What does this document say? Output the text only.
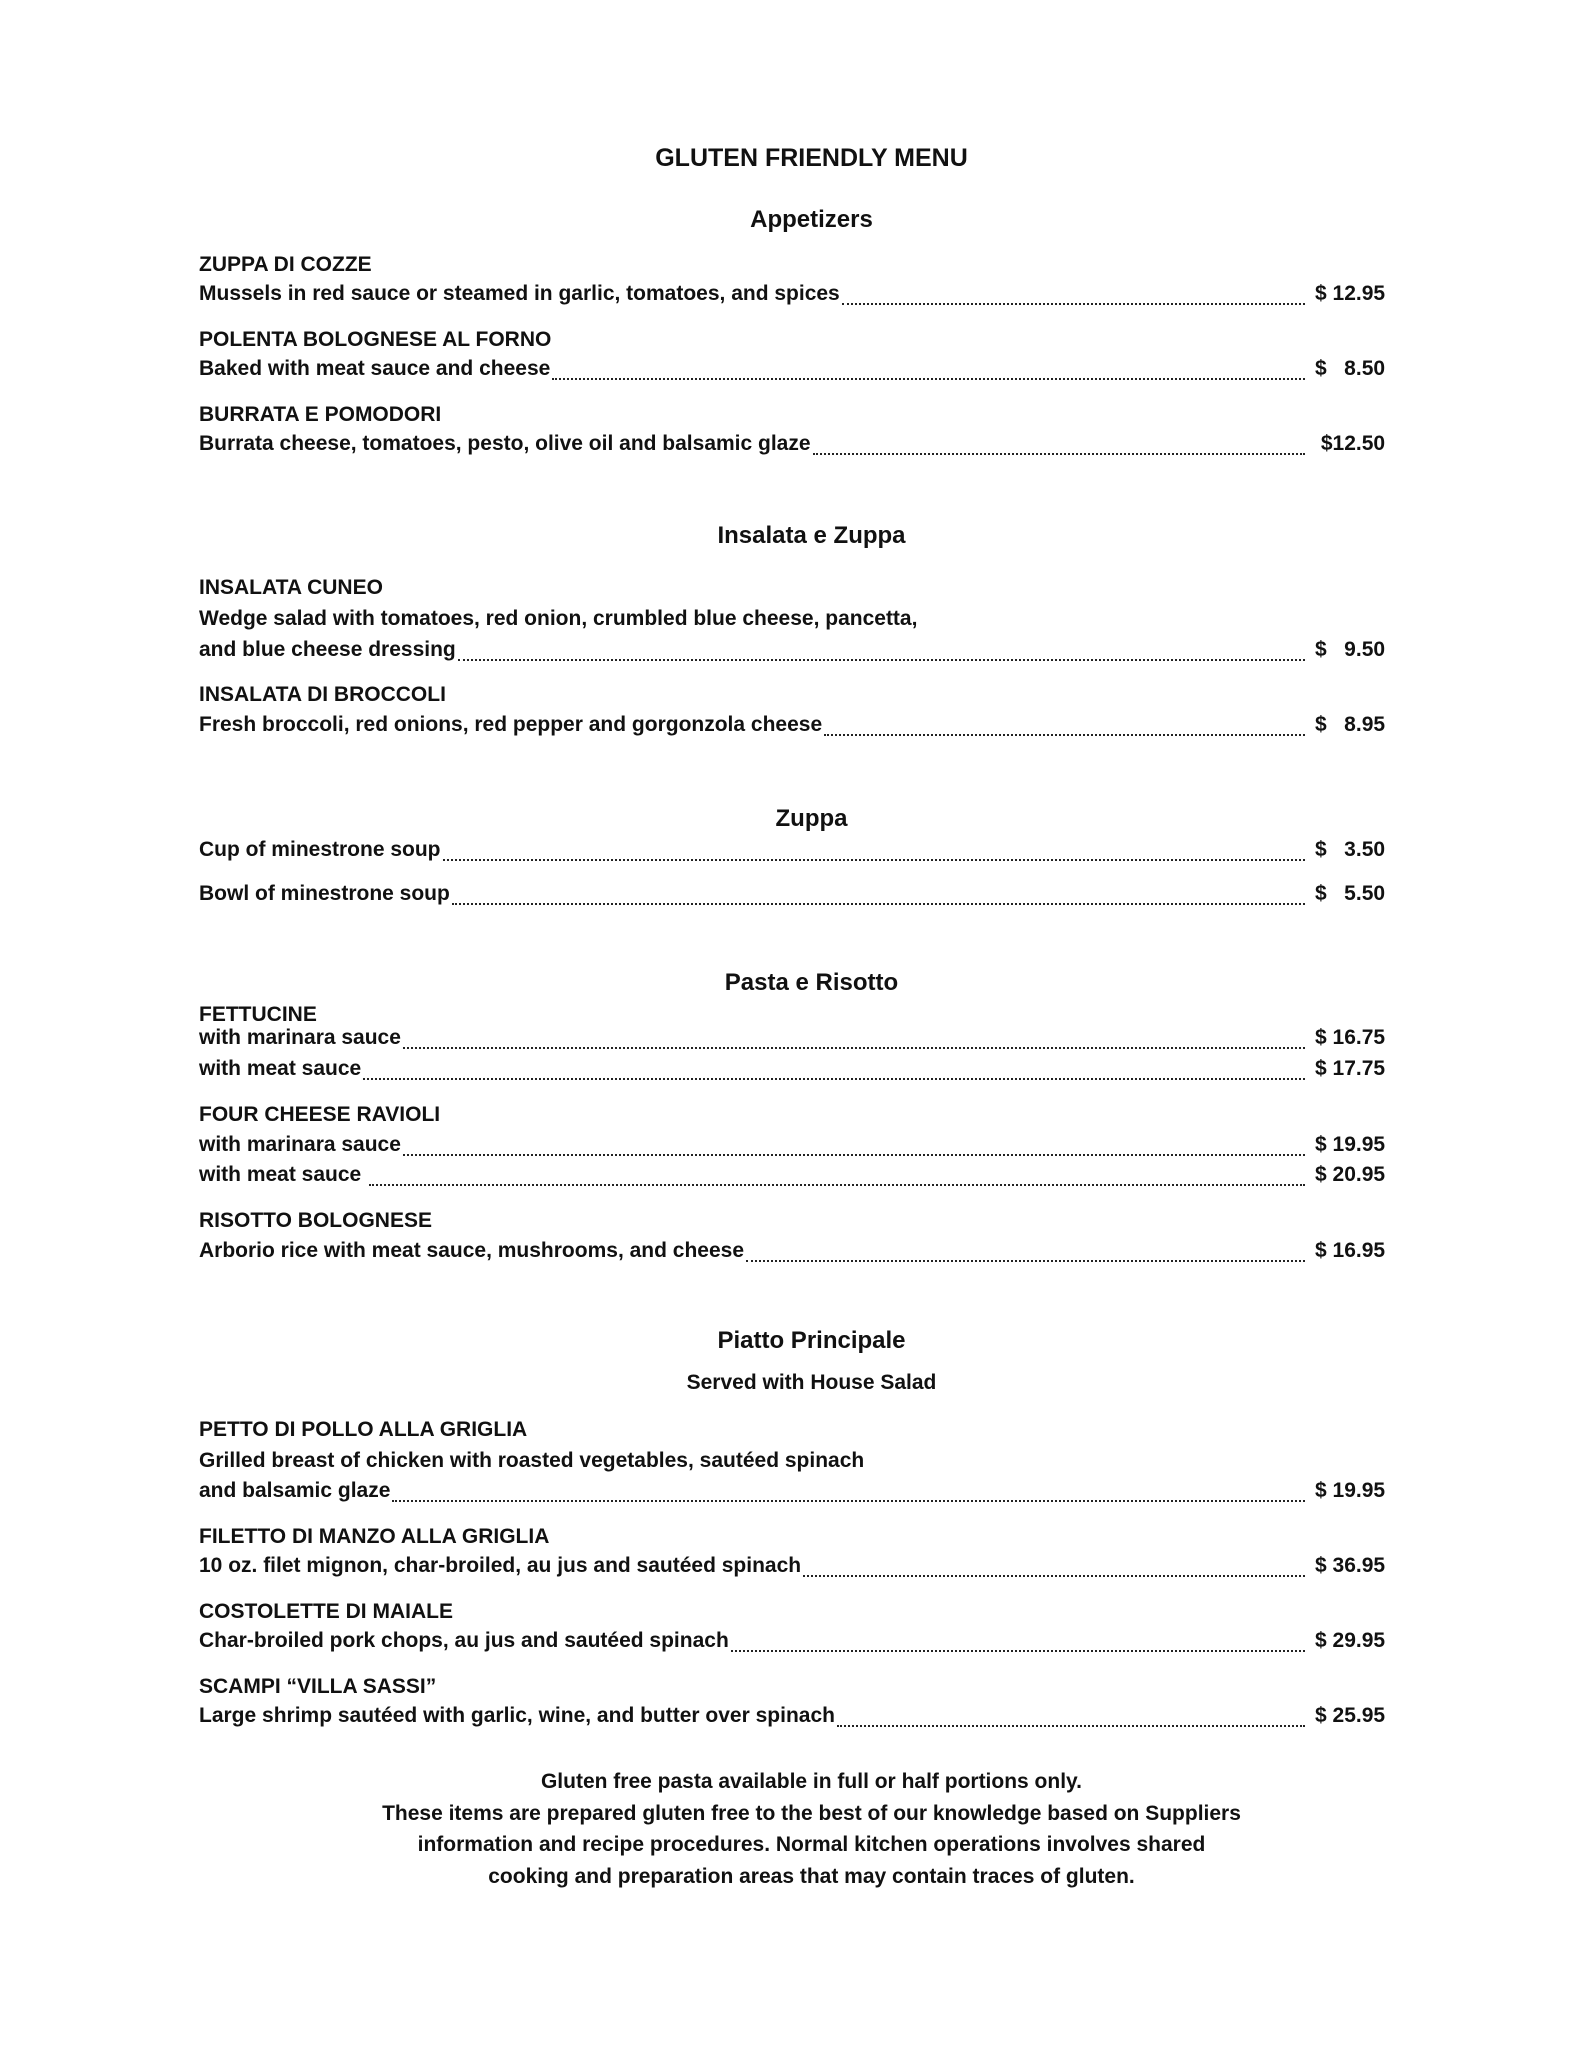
GLUTEN FRIENDLY MENU
Appetizers
ZUPPA DI COZZE
Mussels in red sauce or steamed in garlic, tomatoes, and spices	$ 12.95
POLENTA BOLOGNESE AL FORNO
Baked with meat sauce and cheese	$   8.50
BURRATA E POMODORI
Burrata cheese, tomatoes, pesto, olive oil and balsamic glaze	$12.50
Insalata e Zuppa
INSALATA CUNEO
Wedge salad with tomatoes, red onion, crumbled blue cheese, pancetta,
and blue cheese dressing	$   9.50
INSALATA DI BROCCOLI
Fresh broccoli, red onions, red pepper and gorgonzola cheese	$   8.95
Zuppa
Cup of minestrone soup	$   3.50
Bowl of minestrone soup	$   5.50
Pasta e Risotto
FETTUCINE
with marinara sauce	$ 16.75
with meat sauce	$ 17.75
FOUR CHEESE RAVIOLI
with marinara sauce	$ 19.95
with meat sauce	$ 20.95
RISOTTO BOLOGNESE
Arborio rice with meat sauce, mushrooms, and cheese	$ 16.95
Piatto Principale
Served with House Salad
PETTO DI POLLO ALLA GRIGLIA
Grilled breast of chicken with roasted vegetables, sautéed spinach
and balsamic glaze	$ 19.95
FILETTO DI MANZO ALLA GRIGLIA
10 oz. filet mignon, char-broiled, au jus and sautéed spinach	$ 36.95
COSTOLETTE DI MAIALE
Char-broiled pork chops, au jus and sautéed spinach	$ 29.95
SCAMPI “VILLA SASSI”
Large shrimp sautéed with garlic, wine, and butter over spinach	$ 25.95
Gluten free pasta available in full or half portions only.
These items are prepared gluten free to the best of our knowledge based on Suppliers
information and recipe procedures. Normal kitchen operations involves shared
cooking and preparation areas that may contain traces of gluten.
